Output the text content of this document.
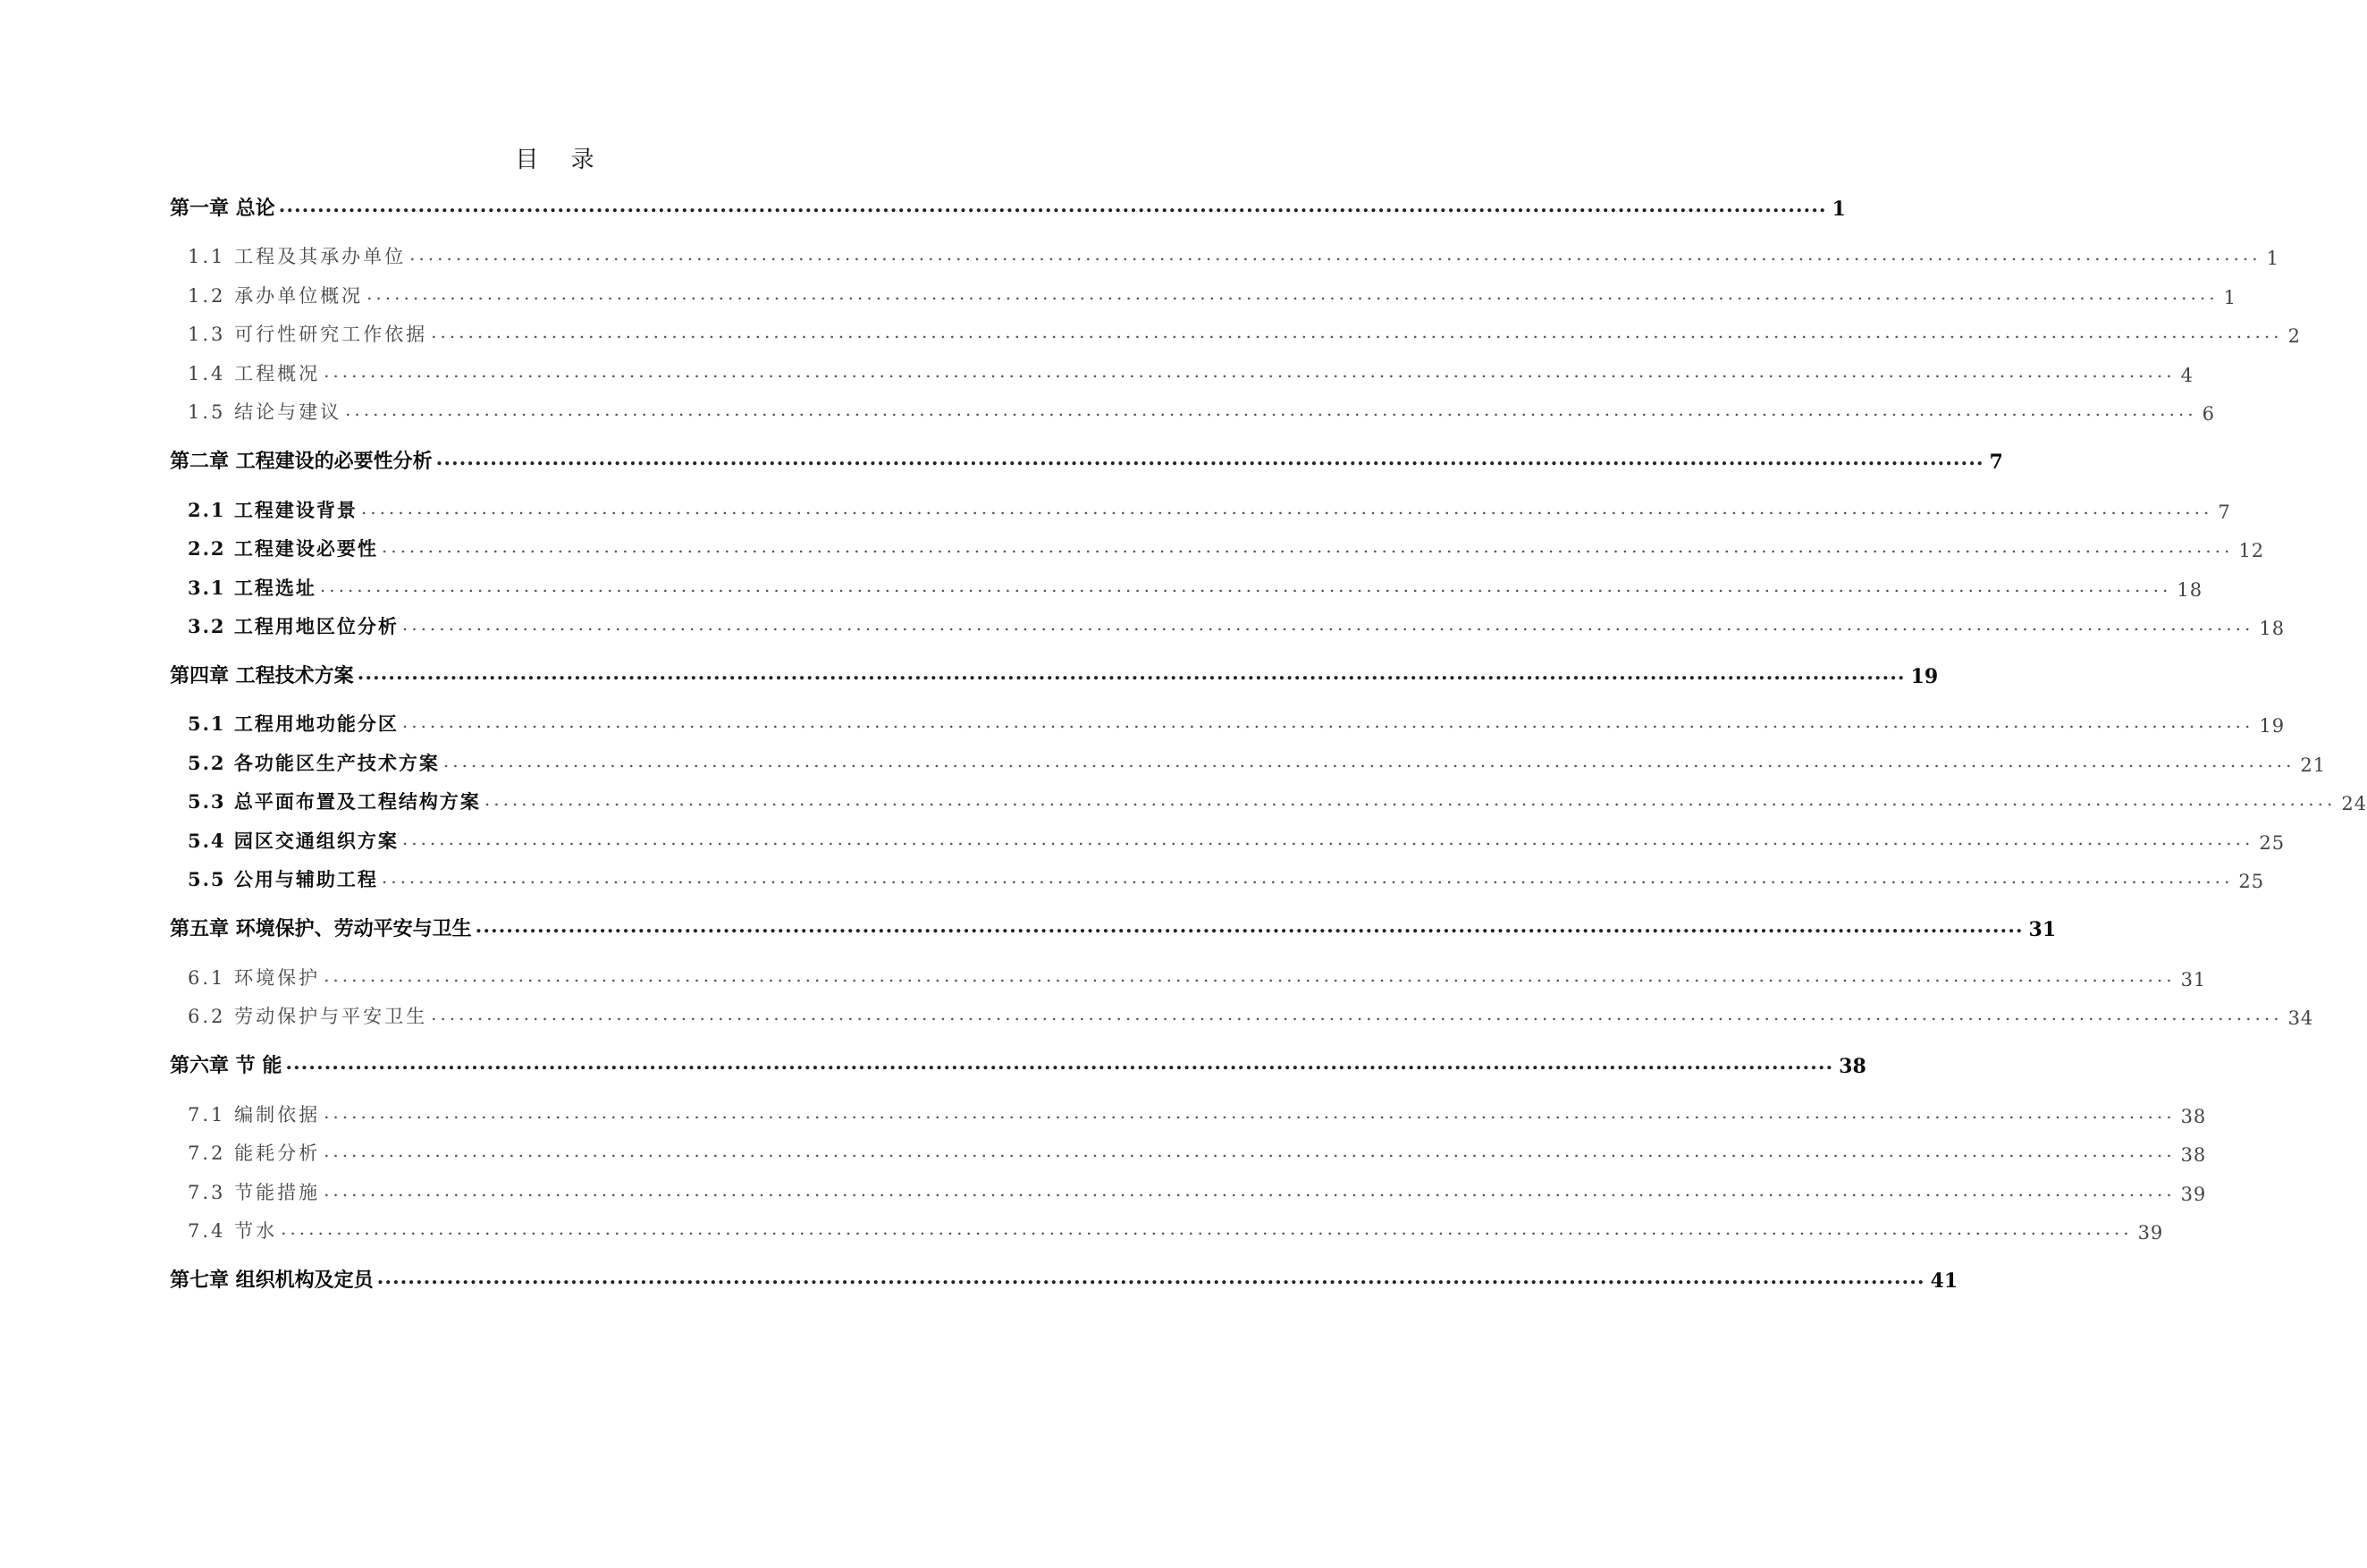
目 录
第一章 总论 ........................................................................................................................................................................................................ 1
1.1 工程及其承办单位 ........................................................................................................................................................................................................ 1
1.2 承办单位概况 ........................................................................................................................................................................................................ 1
1.3 可行性研究工作依据 ........................................................................................................................................................................................................ 2
1.4 工程概况 ........................................................................................................................................................................................................ 4
1.5 结论与建议 ........................................................................................................................................................................................................ 6
第二章 工程建设的必要性分析 ........................................................................................................................................................................................................ 7
2.1 工程建设背景 ........................................................................................................................................................................................................ 7
2.2 工程建设必要性 ........................................................................................................................................................................................................ 12
3.1 工程选址 ........................................................................................................................................................................................................ 18
3.2 工程用地区位分析 ........................................................................................................................................................................................................ 18
第四章 工程技术方案 ........................................................................................................................................................................................................ 19
5.1 工程用地功能分区 ........................................................................................................................................................................................................ 19
5.2 各功能区生产技术方案 ........................................................................................................................................................................................................ 21
5.3 总平面布置及工程结构方案 ........................................................................................................................................................................................................ 24
5.4 园区交通组织方案 ........................................................................................................................................................................................................ 25
5.5 公用与辅助工程 ........................................................................................................................................................................................................ 25
第五章 环境保护、劳动平安与卫生 ........................................................................................................................................................................................................ 31
6.1 环境保护 ........................................................................................................................................................................................................ 31
6.2 劳动保护与平安卫生 ........................................................................................................................................................................................................ 34
第六章 节 能 ........................................................................................................................................................................................................ 38
7.1 编制依据 ........................................................................................................................................................................................................ 38
7.2 能耗分析 ........................................................................................................................................................................................................ 38
7.3 节能措施 ........................................................................................................................................................................................................ 39
7.4 节水 ........................................................................................................................................................................................................ 39
第七章 组织机构及定员 ........................................................................................................................................................................................................ 41
